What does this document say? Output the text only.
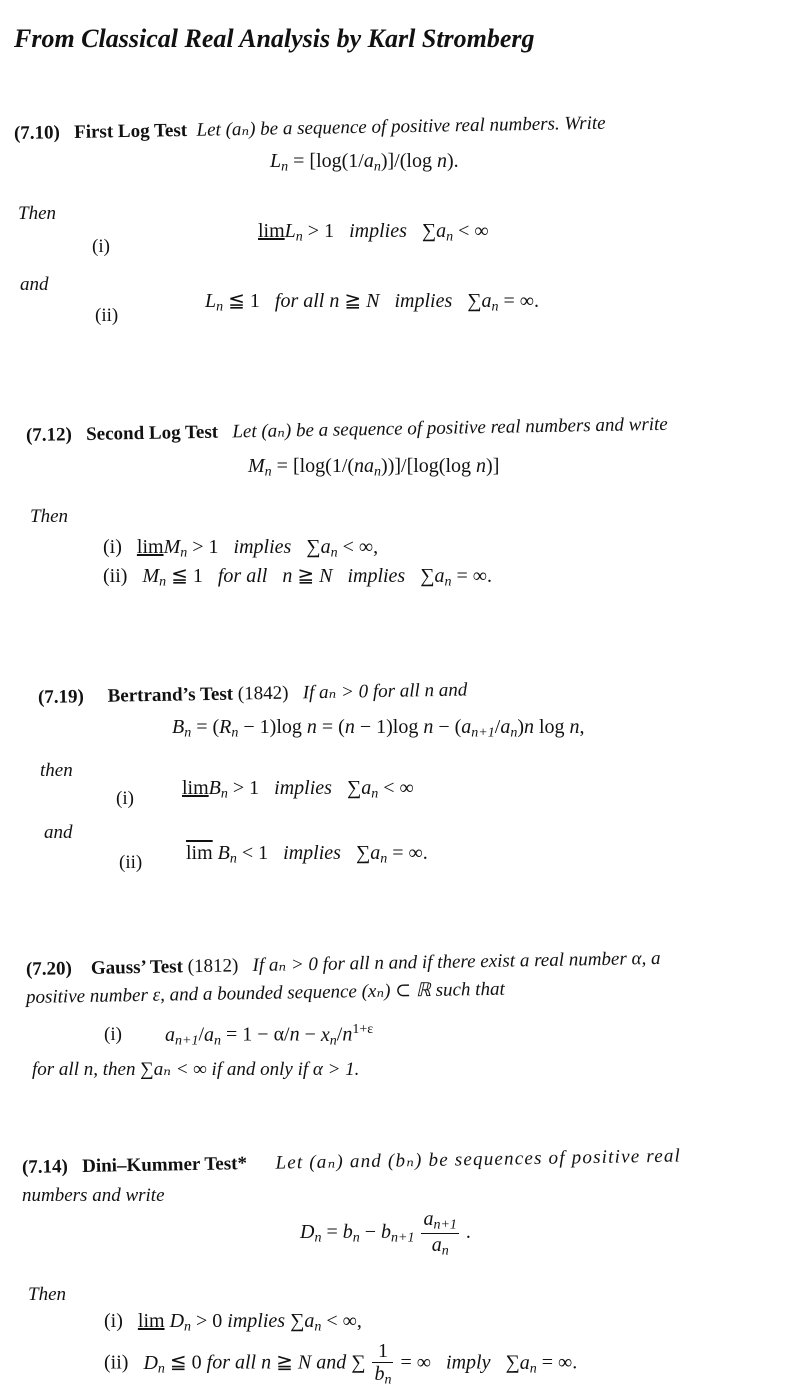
From Classical Real Analysis by Karl Stromberg
(7.10) First Log Test Let (aₙ) be a sequence of positive real numbers. Write
$L_n = [\log(1/a_n)]/(\log$ n).
Then
(i)
limL$_n$ > 1   implies   $\sum a_n$ < ∞
and
(ii)
$L_n$ ≦ 1   for all n ≧ N implies   $\sum a_n$ = ∞.
(7.12) Second Log Test Let (aₙ) be a sequence of positive real numbers and write
$M_n = [\log(1/(na_n))]/[\log(\log$ n)]
Then
(i) limM$_n$ > 1   implies   $\sum a_n$ < ∞,
(ii) $M_n$ ≦ 1   for all n ≧ N implies   $\sum a_n$ = ∞.
(7.19) Bertrand’s Test (1842) If aₙ > 0 for all n and
$B_n = (R_n - 1)\log$ n = (n − 1)log $n - (a_{n+1}/a_n)n$ log n,
then
(i) limB$_n$ > 1   implies   $\sum a_n$ < ∞
and
(ii) $\overline{lim}$ $B_n < 1$   implies   $\sum a_n$ = ∞.
(7.20) Gauss’ Test (1812) If aₙ > 0 for all n and if there exist a real number α, a
positive number ε, and a bounded sequence (xₙ) ⊂ ℝ such that
(i) $a_{n+1}/a_n = 1 - \alpha/n - x_n/n^{1+\varepsilon}$
for all n, then ∑aₙ < ∞ if and only if α > 1.
(7.14) Dini–Kummer Test* Let (aₙ) and (bₙ) be sequences of positive real
numbers and write
$D_n = b_n - b_{n+1} \frac{a_{n+1}}{a_n}$ .
Then
(i) $\lim D_n > 0$ implies $\sum a_n$ < ∞,
(ii) $D_n$ ≦ 0 for all n ≧ N and ∑ $\frac{1}{b_n}$ = ∞   imply   $\sum a_n$ = ∞.
